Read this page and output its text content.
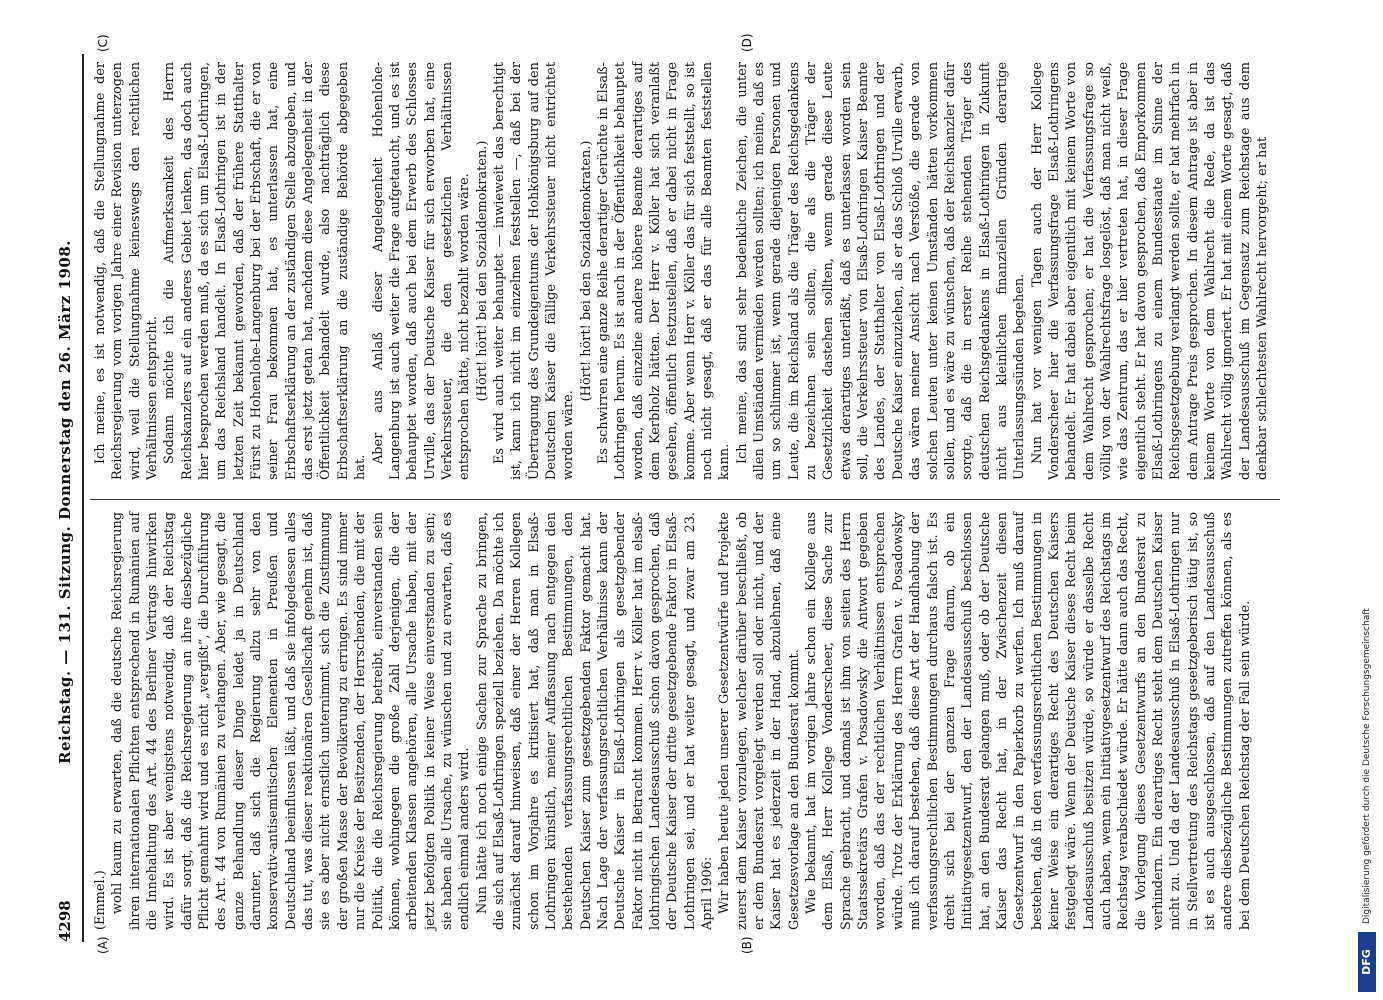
4298
Reichstag. — 131. Sitzung. Donnerstag den 26. März 1908.
(A)	(B)
(C)	(D)

(Emmel.) wohl kaum zu erwarten, daß die deutsche Reichsregierung ihren internationalen Pflichten entsprechend in Rumänien auf die Innehaltung des Art. 44 des Berliner Vertrags hinwirken wird. Es ist aber wenigstens notwendig, daß der Reichstag dafür sorgt, daß die Reichsregierung an ihre diesbezügliche Pflicht gemahnt wird und es nicht „vergißt“, die Durchführung des Art. 44 von Rumänien zu verlangen. Aber, wie gesagt, die ganze Behandlung dieser Dinge leidet ja in Deutschland darunter, daß sich die Regierung allzu sehr von den konservativ-antisemitischen Elementen in Preußen und Deutschland beeinflussen läßt, und daß sie infolgedessen alles das tut, was dieser reaktionären Gesellschaft genehm ist, daß sie es aber nicht ernstlich unternimmt, sich die Zustimmung der großen Masse der Bevölkerung zu erringen. Es sind immer nur die Kreise der Besitzenden, der Herrschenden, die mit der Politik, die die Reichsregierung betreibt, einverstanden sein können, wohingegen die große Zahl derjenigen, die der arbeitenden Klassen angehören, alle Ursache haben, mit der jetzt befolgten Politik in keiner Weise einverstanden zu sein; sie haben alle Ursache, zu wünschen und zu erwarten, daß es endlich einmal anders wird. Nun hätte ich noch einige Sachen zur Sprache zu bringen, die sich auf Elsaß-Lothringen speziell beziehen. Da möchte ich zunächst darauf hinweisen, daß einer der Herren Kollegen schon im Vorjahre es kritisiert hat, daß man in Elsaß-Lothringen künstlich, meiner Auffassung nach entgegen den bestehenden verfassungsrechtlichen Bestimmungen, den Deutschen Kaiser zum gesetzgebenden Faktor gemacht hat. Nach Lage der verfassungsrechtlichen Verhältnisse kann der Deutsche Kaiser in Elsaß-Lothringen als gesetzgebender Faktor nicht in Betracht kommen. Herr v. Köller hat im elsaß-lothringischen Landesausschuß schon davon gesprochen, daß der Deutsche Kaiser der dritte gesetzgebende Faktor in Elsaß-Lothringen sei, und er hat weiter gesagt, und zwar am 23. April 1906: Wir haben heute jeden unserer Gesetzentwürfe und Projekte zuerst dem Kaiser vorzulegen, welcher darüber beschließt, ob er dem Bundesrat vorgelegt werden soll oder nicht, und der Kaiser hat es jederzeit in der Hand, abzulehnen, daß eine Gesetzesvorlage an den Bundesrat kommt. Wie bekannt, hat im vorigen Jahre schon ein Kollege aus dem Elsaß, Herr Kollege Vonderscheer, diese Sache zur Sprache gebracht, und damals ist ihm von seiten des Herrn Staatssekretärs Grafen v. Posadowsky die Antwort gegeben worden, daß das der rechtlichen Verhältnissen entsprechen würde. Trotz der Erklärung des Herrn Grafen v. Posadowsky muß ich darauf bestehen, daß diese Art der Handhabung der verfassungsrechtlichen Bestimmungen durchaus falsch ist. Es dreht sich bei der ganzen Frage darum, ob ein Initiativgesetzentwurf, den der Landesausschuß beschlossen hat, an den Bundesrat gelangen muß, oder ob der Deutsche Kaiser das Recht hat, in der Zwischenzeit diesen Gesetzentwurf in den Papierkorb zu werfen. Ich muß darauf bestehen, daß in den verfassungsrechtlichen Bestimmungen in keiner Weise ein derartiges Recht des Deutschen Kaisers festgelegt wäre. Wenn der Deutsche Kaiser dieses Recht beim Landesausschuß besitzen würde, so würde er dasselbe Recht auch haben, wenn ein Initiativgesetzentwurf des Reichstags im Reichstag verabschiedet würde. Er hätte dann auch das Recht, die Vorlegung dieses Gesetzentwurfs an den Bundesrat zu verhindern. Ein derartiges Recht steht dem Deutschen Kaiser nicht zu. Und da der Landesausschuß in Elsaß-Lothringen nur in Stellvertretung des Reichstags gesetzgeberisch tätig ist, so ist es auch ausgeschlossen, daß auf den Landesausschuß andere diesbezügliche Bestimmungen zutreffen können, als es bei dem Deutschen Reichstag der Fall sein würde.

Ich meine, es ist notwendig, daß die Stellungnahme der Reichsregierung vom vorigen Jahre einer Revision unterzogen wird, weil die Stellungnahme keineswegs den rechtlichen Verhältnissen entspricht. Sodann möchte ich die Aufmerksamkeit des Herrn Reichskanzlers auf ein anderes Gebiet lenken, das doch auch hier besprochen werden muß, da es sich um Elsaß-Lothringen, um das Reichsland handelt. In Elsaß-Lothringen ist in der letzten Zeit bekannt geworden, daß der frühere Statthalter Fürst zu Hohenlohe-Langenburg bei der Erbschaft, die er von seiner Frau bekommen hat, es unterlassen hat, eine Erbschaftserklärung an der zuständigen Stelle abzugeben, und das erst jetzt getan hat, nachdem diese Angelegenheit in der Öffentlichkeit behandelt wurde, also nachträglich diese Erbschaftserklärung an die zuständige Behörde abgegeben hat.

Aber aus Anlaß dieser Angelegenheit Hohenlohe-Langenburg ist auch weiter die Frage aufgetaucht, und es ist behauptet worden, daß auch bei dem Erwerb des Schlosses Urville, das der Deutsche Kaiser für sich erworben hat, eine Verkehrssteuer, die den gesetzlichen Verhältnissen entsprochen hätte, nicht bezahlt worden wäre. (Hört! hört! bei den Sozialdemokraten.) Es wird auch weiter behauptet — inwieweit das berechtigt ist, kann ich nicht im einzelnen feststellen —, daß bei der Übertragung des Grundeigentums der Hohkönigsburg auf den Deutschen Kaiser die fällige Verkehrssteuer nicht entrichtet worden wäre.

(Hört! hört! bei den Sozialdemokraten.) Es schwirren eine ganze Reihe derartiger Gerüchte in Elsaß-Lothringen herum. Es ist auch in der Öffentlichkeit behauptet worden, daß einzelne andere höhere Beamte derartiges auf dem Kerbholz hätten. Der Herr v. Köller hat sich veranlaßt gesehen, öffentlich festzustellen, daß er dabei nicht in Frage komme. Aber wenn Herr v. Köller das für sich feststellt, so ist noch nicht gesagt, daß er das für alle Beamten feststellen kann. Ich meine, das sind sehr bedenkliche Zeichen, die unter allen Umständen vermieden werden sollten; ich meine, daß es um so schlimmer ist, wenn gerade diejenigen Personen und Leute, die im Reichsland als die Träger des Reichsgedankens zu bezeichnen sein sollten, die als die Träger der Gesetzlichkeit dastehen sollten, wenn gerade diese Leute etwas derartiges unterläßt, daß es unterlassen worden sein soll, die Verkehrssteuer von Elsaß-Lothringen Kaiser Beamte des Landes, der Statthalter von Elsaß-Lothringen und der Deutsche Kaiser einzuziehen, als er das Schloß Urville erwarb, das wären meiner Ansicht nach Verstöße, die gerade von solchen Leuten unter keinen Umständen hätten vorkommen sollen, und es wäre zu wünschen, daß der Reichskanzler dafür sorgte, daß die in erster Reihe stehenden Träger des deutschen Reichsgedankens in Elsaß-Lothringen in Zukunft nicht aus kleinlichen finanziellen Gründen derartige Unterlassungssünden begehen. Nun hat vor wenigen Tagen auch der Herr Kollege Vonderscheer hier die Verfassungsfrage Elsaß-Lothringens behandelt. Er hat dabei aber eigentlich mit keinem Worte von dem Wahlrecht gesprochen; er hat die Verfassungsfrage so völlig von der Wahlrechtsfrage losgelöst, daß man nicht weiß, wie das Zentrum, das er hier vertreten hat, in dieser Frage eigentlich steht. Er hat davon gesprochen, daß Emporkommen Elsaß-Lothringens zu einem Bundesstaate im Sinne der Reichsgesetzgebung verlangt werden sollte, er hat mehrfach in dem Antrage Preis gesprochen. In diesem Antrage ist aber in keinem Worte von dem Wahlrecht die Rede, da ist das Wahlrecht völlig ignoriert. Er hat mit einem Worte gesagt, daß der Landesausschuß im Gegensatz zum Reichstage aus dem denkbar schlechtesten Wahlrecht hervorgeht; er hat

DFG
Digitalisierung gefördert durch die Deutsche Forschungsgemeinschaft
